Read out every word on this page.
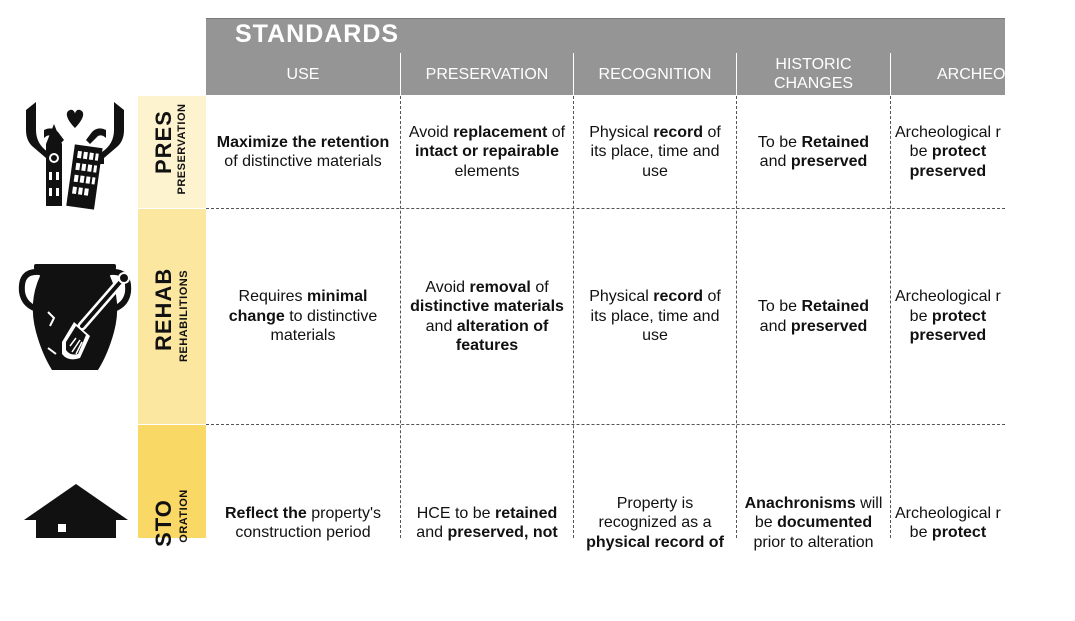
STANDARDS
USE	PRESERVATION	RECOGNITION
HISTORIC
CHANGES
ARCHEOLOGICAL
PRES PRESERVATION
REHAB REHABILITIONS
STO ORATION
Maximize the retention
of distinctive materials
Avoid replacement of
intact or repairable
elements
Physical record of
its place, time and
use
To be Retained
and preserved
Archeological r
be protect
preserved
Requires minimal
change to distinctive
materials
Avoid removal of
distinctive materials
and alteration of
features
Physical record of
its place, time and
use
To be Retained
and preserved
Archeological r
be protect
preserved
Reflect the property's
construction period
HCE to be retained
and preserved, not
Property is
recognized as a
physical record of
Anachronisms will
be documented
prior to alteration
Archeological r
be protect
